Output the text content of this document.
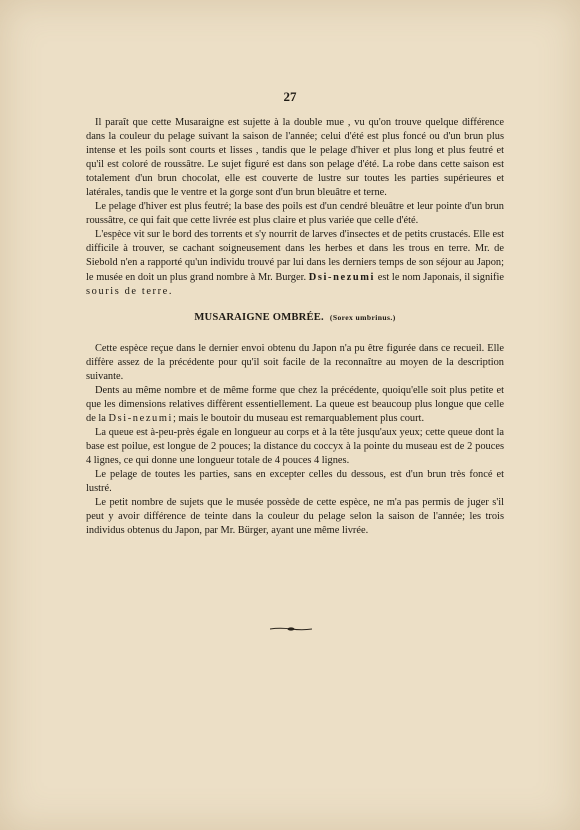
27

Il paraît que cette Musaraigne est sujette à la double mue , vu qu'on trouve quelque différence dans la couleur du pelage suivant la saison de l'année; celui d'été est plus foncé ou d'un brun plus intense et les poils sont courts et lisses , tandis que le pelage d'hiver et plus long et plus feutré et qu'il est coloré de roussâtre. Le sujet figuré est dans son pelage d'été. La robe dans cette saison est totalement d'un brun chocolat, elle est couverte de lustre sur toutes les parties supérieures et latérales, tandis que le ventre et la gorge sont d'un brun bleuâtre et terne.

Le pelage d'hiver est plus feutré; la base des poils est d'un cendré bleuâtre et leur pointe d'un brun roussâtre, ce qui fait que cette livrée est plus claire et plus variée que celle d'été.

L'espèce vit sur le bord des torrents et s'y nourrit de larves d'insectes et de petits crustacés. Elle est difficile à trouver, se cachant soigneusement dans les herbes et dans les trous en terre. Mr. de Siebold n'en a rapporté qu'un individu trouvé par lui dans les derniers temps de son séjour au Japon; le musée en doit un plus grand nombre à Mr. Burger. Dsi-nezumi est le nom Japonais, il signifie souris de terre.

MUSARAIGNE OMBRÉE. (Sorex umbrinus.)

Cette espèce reçue dans le dernier envoi obtenu du Japon n'a pu être figurée dans ce recueil. Elle diffère assez de la précédente pour qu'il soit facile de la reconnaître au moyen de la description suivante.

Dents au même nombre et de même forme que chez la précédente, quoiqu'elle soit plus petite et que les dimensions relatives diffèrent essentiellement. La queue est beaucoup plus longue que celle de la Dsi-nezumi; mais le boutoir du museau est remarquablement plus court.

La queue est à-peu-près égale en longueur au corps et à la tête jusqu'aux yeux; cette queue dont la base est poilue, est longue de 2 pouces; la distance du coccyx à la pointe du museau est de 2 pouces 4 lignes, ce qui donne une longueur totale de 4 pouces 4 lignes.

Le pelage de toutes les parties, sans en excepter celles du dessous, est d'un brun très foncé et lustré.

Le petit nombre de sujets que le musée possède de cette espèce, ne m'a pas permis de juger s'il peut y avoir différence de teinte dans la couleur du pelage selon la saison de l'année; les trois individus obtenus du Japon, par Mr. Bürger, ayant une même livrée.
